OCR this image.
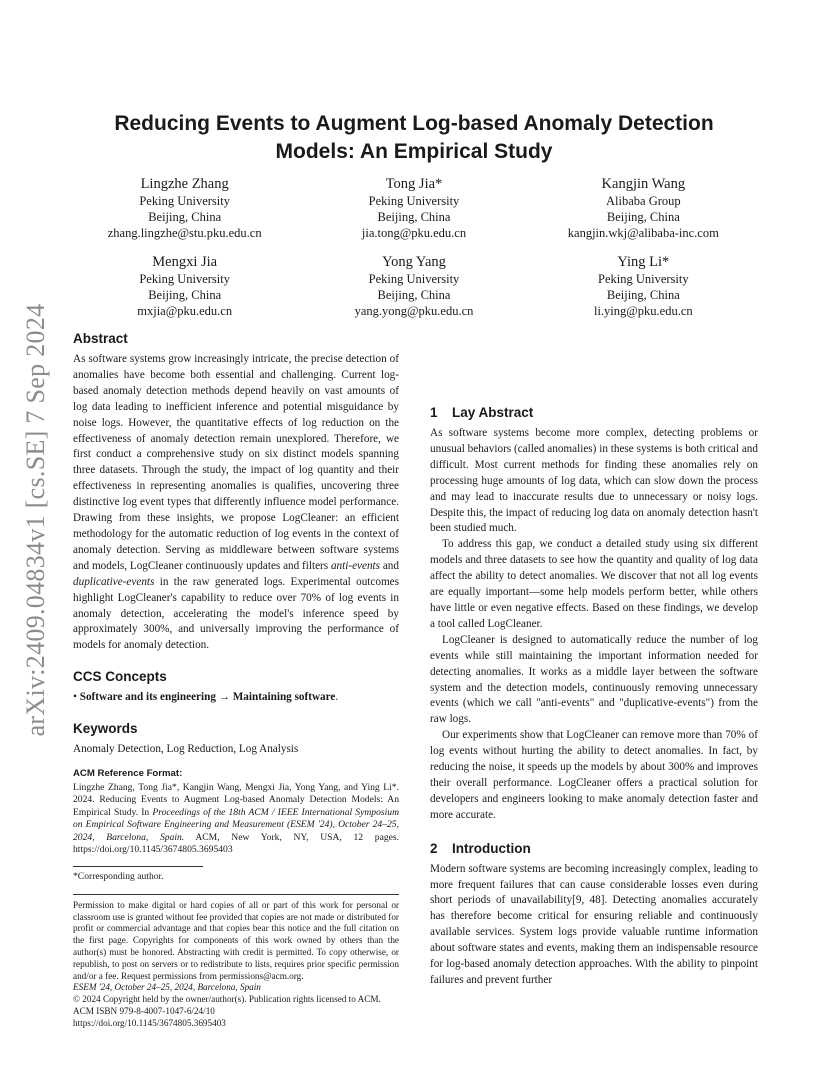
arXiv:2409.04834v1 [cs.SE] 7 Sep 2024
Reducing Events to Augment Log-based Anomaly Detection Models: An Empirical Study
Lingzhe Zhang
Peking University
Beijing, China
zhang.lingzhe@stu.pku.edu.cn
Tong Jia*
Peking University
Beijing, China
jia.tong@pku.edu.cn
Kangjin Wang
Alibaba Group
Beijing, China
kangjin.wkj@alibaba-inc.com
Mengxi Jia
Peking University
Beijing, China
mxjia@pku.edu.cn
Yong Yang
Peking University
Beijing, China
yang.yong@pku.edu.cn
Ying Li*
Peking University
Beijing, China
li.ying@pku.edu.cn
Abstract

As software systems grow increasingly intricate, the precise detection of anomalies have become both essential and challenging. Current log-based anomaly detection methods depend heavily on vast amounts of log data leading to inefficient inference and potential misguidance by noise logs. However, the quantitative effects of log reduction on the effectiveness of anomaly detection remain unexplored. Therefore, we first conduct a comprehensive study on six distinct models spanning three datasets. Through the study, the impact of log quantity and their effectiveness in representing anomalies is qualifies, uncovering three distinctive log event types that differently influence model performance. Drawing from these insights, we propose LogCleaner: an efficient methodology for the automatic reduction of log events in the context of anomaly detection. Serving as middleware between software systems and models, LogCleaner continuously updates and filters anti-events and duplicative-events in the raw generated logs. Experimental outcomes highlight LogCleaner's capability to reduce over 70% of log events in anomaly detection, accelerating the model's inference speed by approximately 300%, and universally improving the performance of models for anomaly detection.

CCS Concepts

• Software and its engineering → Maintaining software.

Keywords

Anomaly Detection, Log Reduction, Log Analysis

ACM Reference Format:

Lingzhe Zhang, Tong Jia*, Kangjin Wang, Mengxi Jia, Yong Yang, and Ying Li*. 2024. Reducing Events to Augment Log-based Anomaly Detection Models: An Empirical Study. In Proceedings of the 18th ACM / IEEE International Symposium on Empirical Software Engineering and Measurement (ESEM '24), October 24–25, 2024, Barcelona, Spain. ACM, New York, NY, USA, 12 pages. https://doi.org/10.1145/3674805.3695403

*Corresponding author.

Permission to make digital or hard copies of all or part of this work for personal or classroom use is granted without fee provided that copies are not made or distributed for profit or commercial advantage and that copies bear this notice and the full citation on the first page. Copyrights for components of this work owned by others than the author(s) must be honored. Abstracting with credit is permitted. To copy otherwise, or republish, to post on servers or to redistribute to lists, requires prior specific permission and/or a fee. Request permissions from permissions@acm.org.

ESEM '24, October 24–25, 2024, Barcelona, Spain

© 2024 Copyright held by the owner/author(s). Publication rights licensed to ACM.

ACM ISBN 979-8-4007-1047-6/24/10

https://doi.org/10.1145/3674805.3695403

1 Lay Abstract

As software systems become more complex, detecting problems or unusual behaviors (called anomalies) in these systems is both critical and difficult. Most current methods for finding these anomalies rely on processing huge amounts of log data, which can slow down the process and may lead to inaccurate results due to unnecessary or noisy logs. Despite this, the impact of reducing log data on anomaly detection hasn't been studied much.

To address this gap, we conduct a detailed study using six different models and three datasets to see how the quantity and quality of log data affect the ability to detect anomalies. We discover that not all log events are equally important—some help models perform better, while others have little or even negative effects. Based on these findings, we develop a tool called LogCleaner.

LogCleaner is designed to automatically reduce the number of log events while still maintaining the important information needed for detecting anomalies. It works as a middle layer between the software system and the detection models, continuously removing unnecessary events (which we call "anti-events" and "duplicative-events") from the raw logs.

Our experiments show that LogCleaner can remove more than 70% of log events without hurting the ability to detect anomalies. In fact, by reducing the noise, it speeds up the models by about 300% and improves their overall performance. LogCleaner offers a practical solution for developers and engineers looking to make anomaly detection faster and more accurate.

2 Introduction

Modern software systems are becoming increasingly complex, leading to more frequent failures that can cause considerable losses even during short periods of unavailability[9, 48]. Detecting anomalies accurately has therefore become critical for ensuring reliable and continuously available services. System logs provide valuable runtime information about software states and events, making them an indispensable resource for log-based anomaly detection approaches. With the ability to pinpoint failures and prevent further
